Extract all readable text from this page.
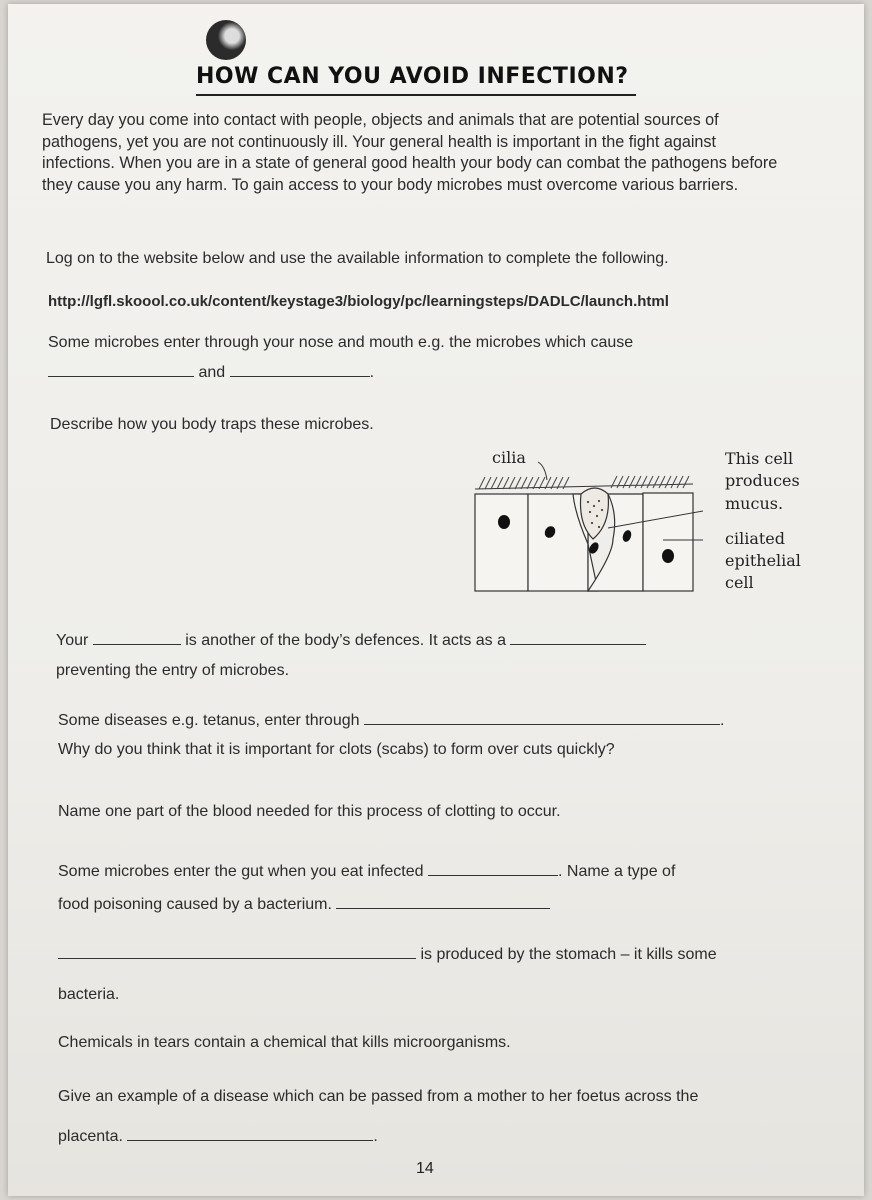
HOW CAN YOU AVOID INFECTION?
Every day you come into contact with people, objects and animals that are potential sources of pathogens, yet you are not continuously ill. Your general health is important in the fight against infections. When you are in a state of general good health your body can combat the pathogens before they cause you any harm. To gain access to your body microbes must overcome various barriers.
Log on to the website below and use the available information to complete the following.
http://lgfl.skoool.co.uk/content/keystage3/biology/pc/learningsteps/DADLC/launch.html
Some microbes enter through your nose and mouth e.g. the microbes which cause
and	.
Describe how you body traps these microbes.
cilia	This cell
produces
mucus.
ciliated
epithelial
cell
Your	is another of the body’s defences. It acts as a
preventing the entry of microbes.
Some diseases e.g. tetanus, enter through	.
Why do you think that it is important for clots (scabs) to form over cuts quickly?
Name one part of the blood needed for this process of clotting to occur.
Some microbes enter the gut when you eat infected	. Name a type of
food poisoning caused by a bacterium.
is produced by the stomach – it kills some
bacteria.
Chemicals in tears contain a chemical that kills microorganisms.
Give an example of a disease which can be passed from a mother to her foetus across the
placenta.	.
14
